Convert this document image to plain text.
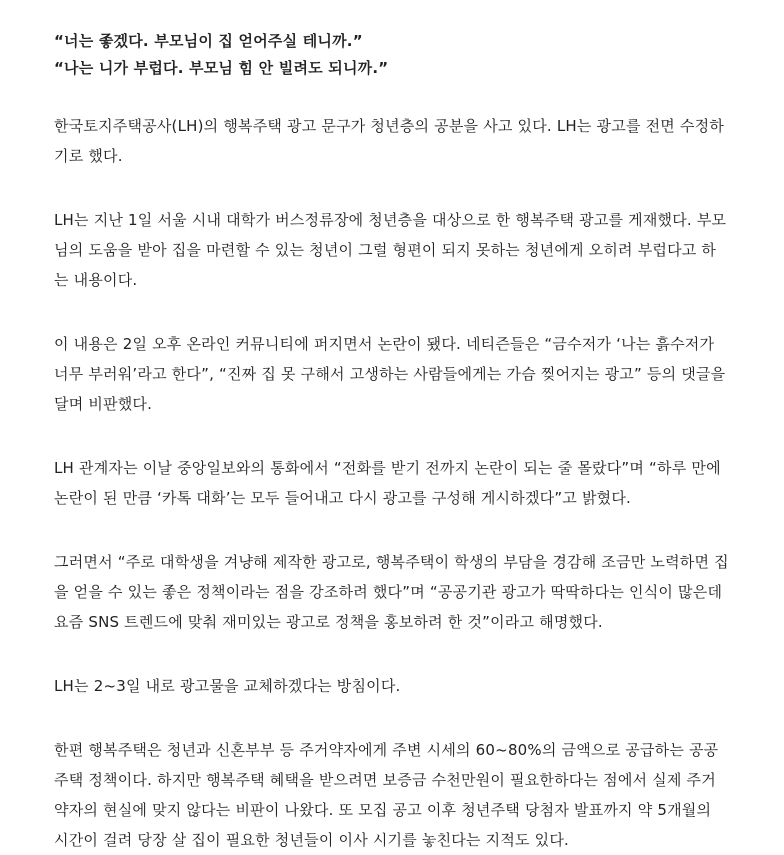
“너는 좋겠다. 부모님이 집 얻어주실 테니까.”
“나는 니가 부럽다. 부모님 힘 안 빌려도 되니까.”

한국토지주택공사(LH)의 행복주택 광고 문구가 청년층의 공분을 사고 있다. LH는 광고를 전면 수정하기로 했다.

LH는 지난 1일 서울 시내 대학가 버스정류장에 청년층을 대상으로 한 행복주택 광고를 게재했다. 부모님의 도움을 받아 집을 마련할 수 있는 청년이 그럴 형편이 되지 못하는 청년에게 오히려 부럽다고 하는 내용이다.

이 내용은 2일 오후 온라인 커뮤니티에 퍼지면서 논란이 됐다. 네티즌들은 “금수저가 ‘나는 흙수저가 너무 부러워’라고 한다”, “진짜 집 못 구해서 고생하는 사람들에게는 가슴 찢어지는 광고” 등의 댓글을 달며 비판했다.

LH 관계자는 이날 중앙일보와의 통화에서 “전화를 받기 전까지 논란이 되는 줄 몰랐다”며 “하루 만에 논란이 된 만큼 ‘카톡 대화’는 모두 들어내고 다시 광고를 구성해 게시하겠다”고 밝혔다.

그러면서 “주로 대학생을 겨냥해 제작한 광고로, 행복주택이 학생의 부담을 경감해 조금만 노력하면 집을 얻을 수 있는 좋은 정책이라는 점을 강조하려 했다”며 “공공기관 광고가 딱딱하다는 인식이 많은데 요즘 SNS 트렌드에 맞춰 재미있는 광고로 정책을 홍보하려 한 것”이라고 해명했다.

LH는 2~3일 내로 광고물을 교체하겠다는 방침이다.

한편 행복주택은 청년과 신혼부부 등 주거약자에게 주변 시세의 60~80%의 금액으로 공급하는 공공주택 정책이다. 하지만 행복주택 혜택을 받으려면 보증금 수천만원이 필요한하다는 점에서 실제 주거 약자의 현실에 맞지 않다는 비판이 나왔다. 또 모집 공고 이후 청년주택 당첨자 발표까지 약 5개월의 시간이 걸려 당장 살 집이 필요한 청년들이 이사 시기를 놓친다는 지적도 있다.
